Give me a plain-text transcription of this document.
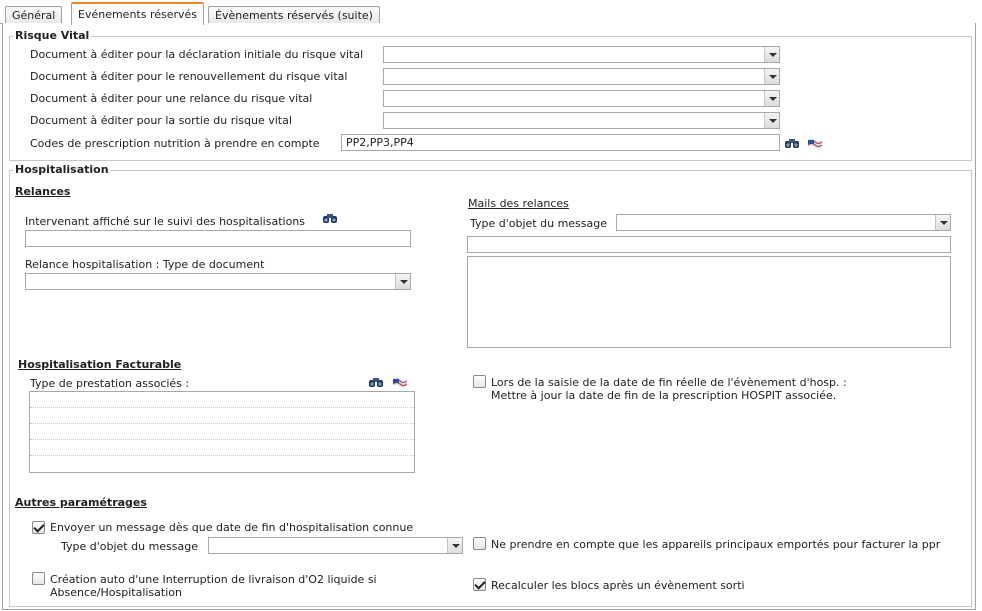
Général	Evénements réservés	Évènements réservés (suite)
Risque Vital
Document à éditer pour la déclaration initiale du risque vital
Document à éditer pour le renouvellement du risque vital
Document à éditer pour une relance du risque vital
Document à éditer pour la sortie du risque vital
Codes de prescription nutrition à prendre en compte	PP2,PP3,PP4
Hospitalisation
Relances
Intervenant affiché sur le suivi des hospitalisations
Relance hospitalisation : Type de document
Mails des relances
Type d'objet du message
Hospitalisation Facturable
Type de prestation associés :	Lors de la saisie de la date de fin réelle de l'évènement d'hosp. :
Mettre à jour la date de fin de la prescription HOSPIT associée.
Autres paramétrages
Envoyer un message dès que date de fin d'hospitalisation connue
Type d'objet du message	Ne prendre en compte que les appareils principaux emportés pour facturer la ppr
Création auto d'une Interruption de livraison d'O2 liquide si
Absence/Hospitalisation
Recalculer les blocs après un évènement sorti
